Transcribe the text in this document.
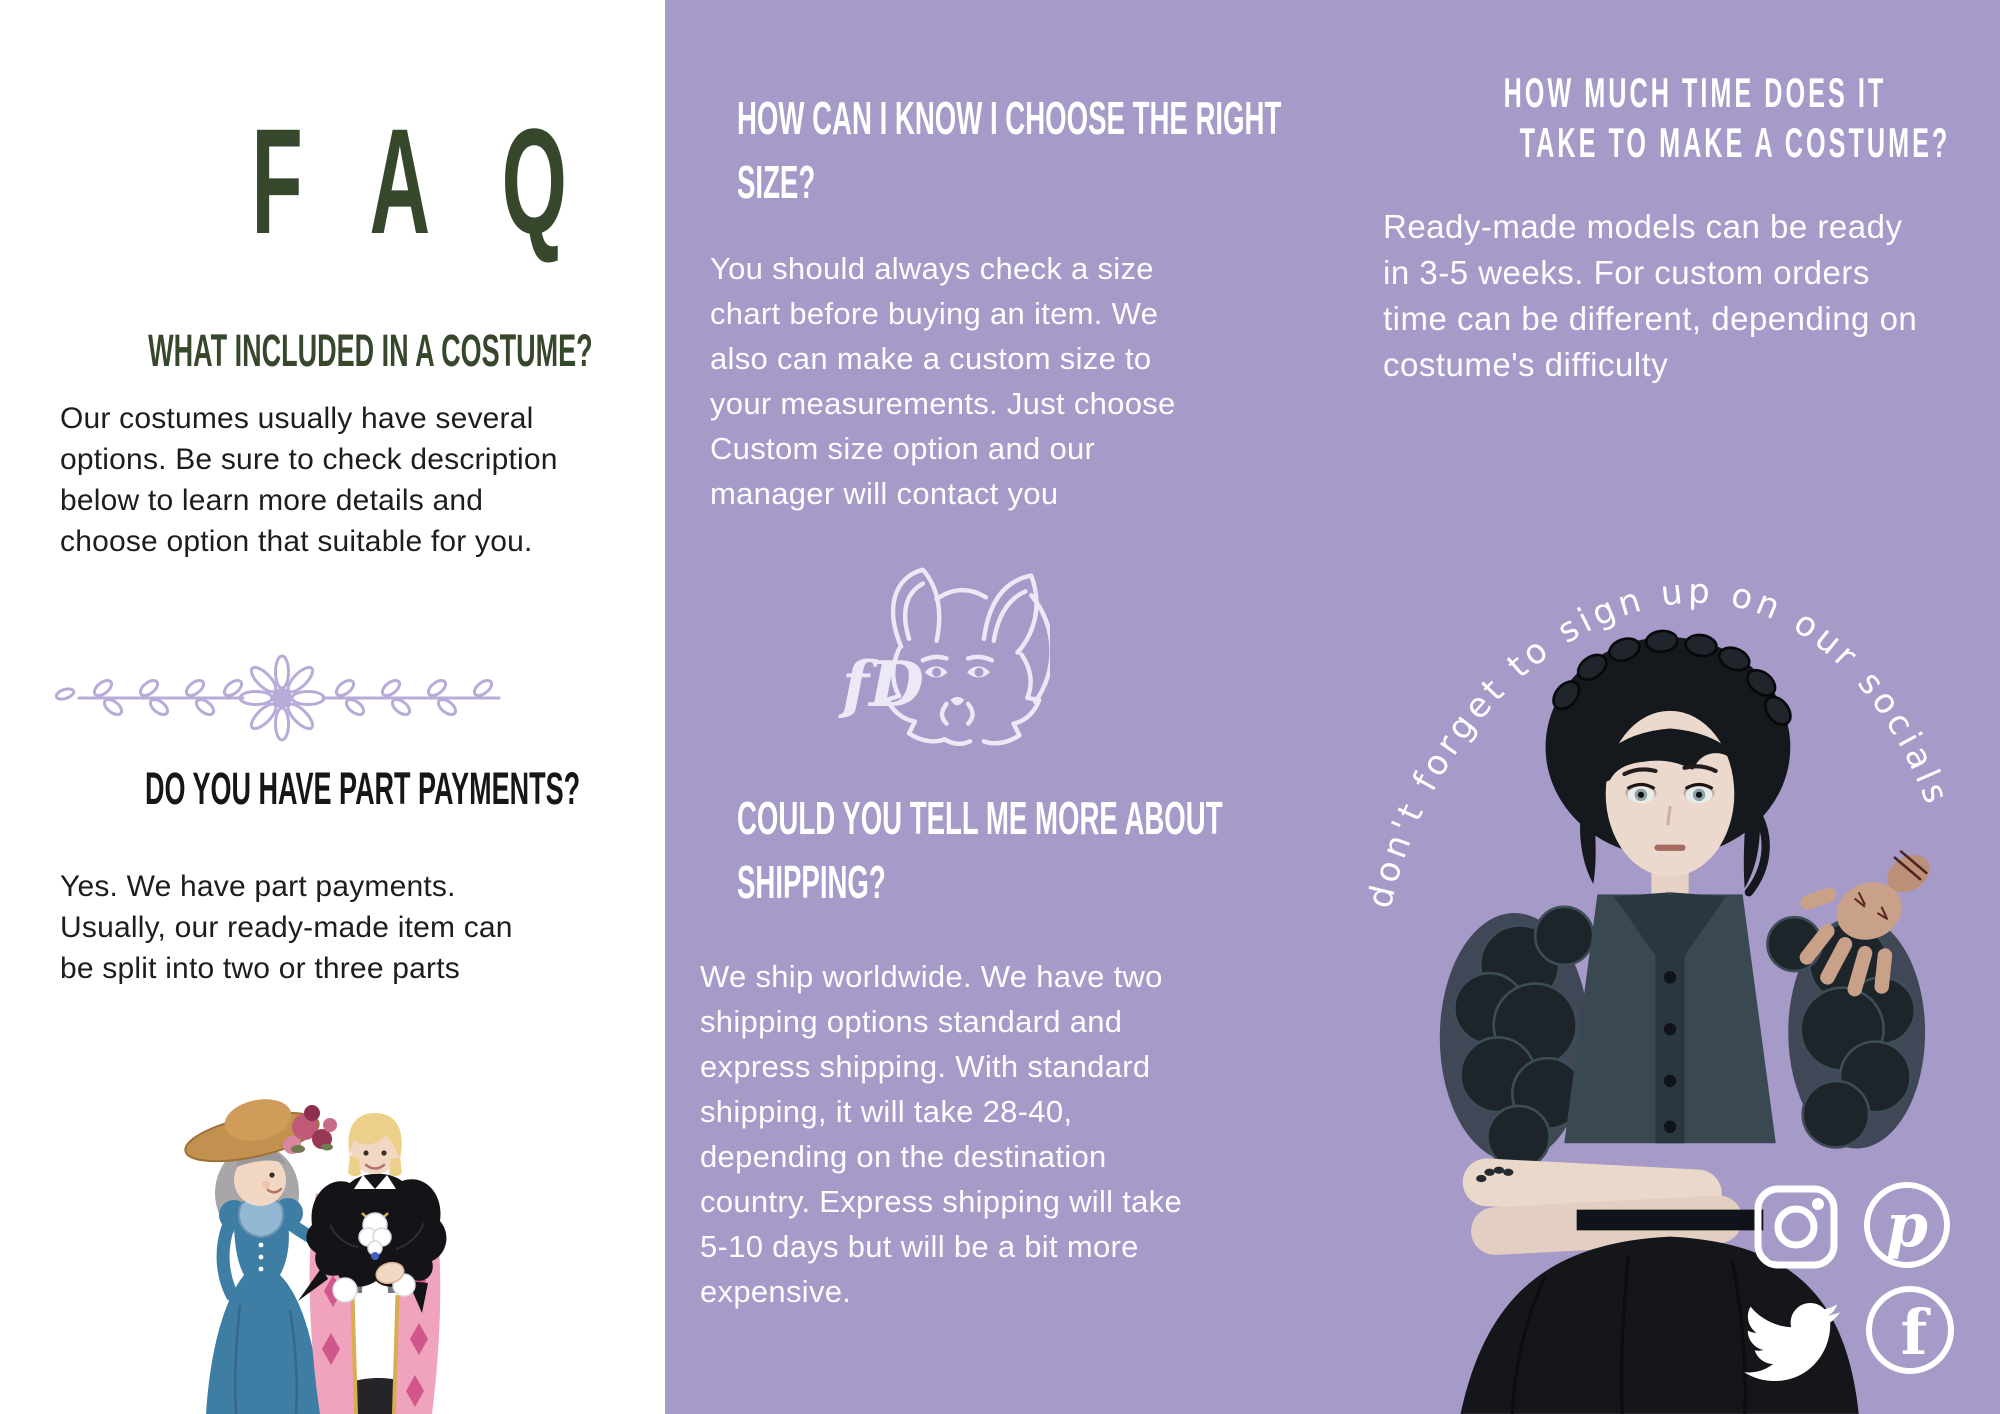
FAQ
WHAT INCLUDED IN A COSTUME?

Our costumes usually have several options. Be sure to check description below to learn more details and choose option that suitable for you.

DO YOU HAVE PART PAYMENTS?

Yes. We have part payments. Usually, our ready-made item can be split into two or three parts

HOW CAN I KNOW I CHOOSE THE RIGHT
SIZE?

You should always check a size chart before buying an item. We also can make a custom size to your measurements. Just choose Custom size option and our manager will contact you

fD
COULD YOU TELL ME MORE ABOUT
SHIPPING?

We ship worldwide. We have two shipping options standard and express shipping. With standard shipping, it will take 28-40, depending on the destination country. Express shipping will take 5-10 days but will be a bit more expensive.

HOW MUCH TIME DOES IT
TAKE TO MAKE A COSTUME?

Ready-made models can be ready in 3-5 weeks. For custom orders time can be different, depending on costume's difficulty

don't forget to sign up on our socials
p
f
